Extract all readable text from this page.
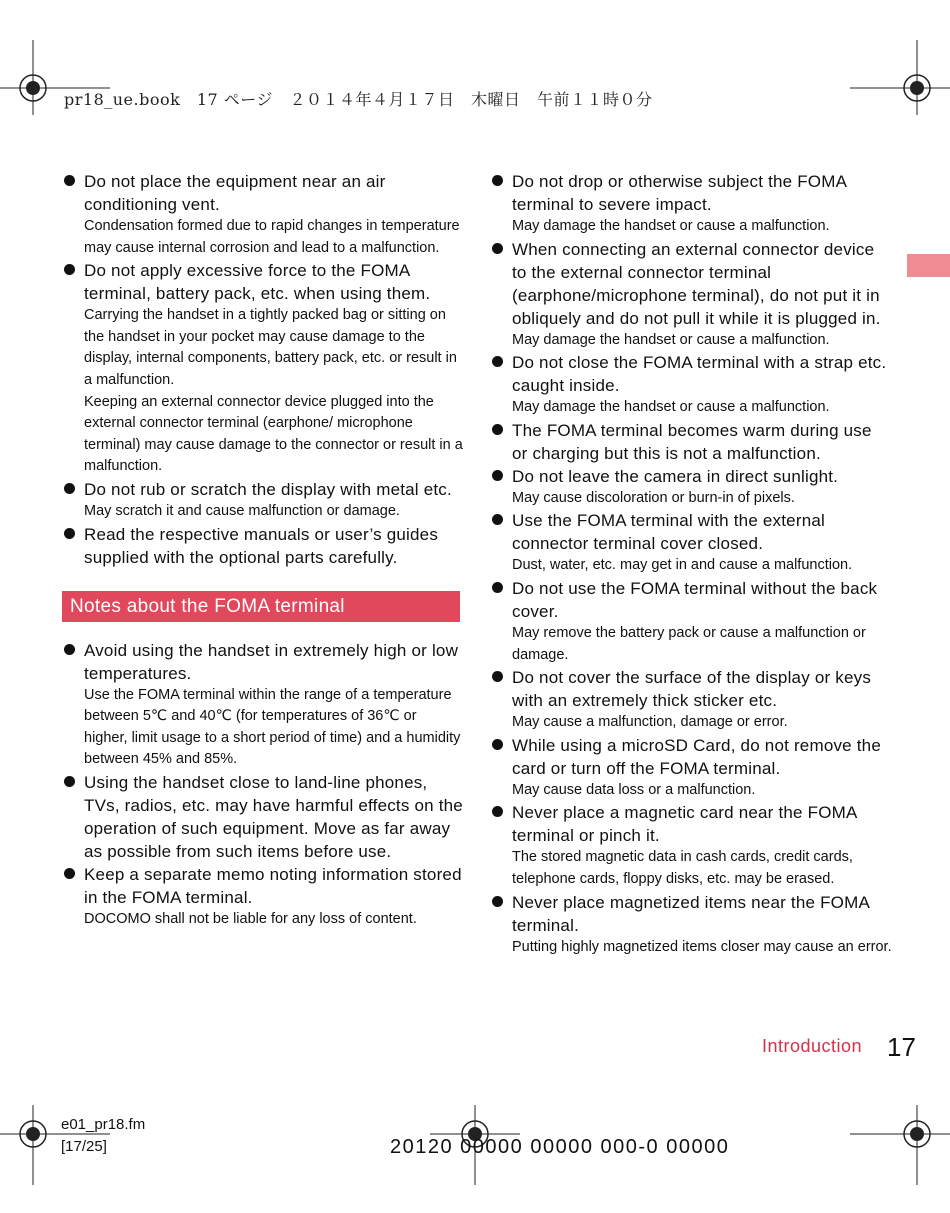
pr18_ue.book　17 ページ　２０１４年４月１７日　木曜日　午前１１時０分
Do not place the equipment near an air conditioning vent.
Condensation formed due to rapid changes in temperature may cause internal corrosion and lead to a malfunction.
Do not apply excessive force to the FOMA terminal, battery pack, etc. when using them.
Carrying the handset in a tightly packed bag or sitting on the handset in your pocket may cause damage to the display, internal components, battery pack, etc. or result in a malfunction.
Keeping an external connector device plugged into the external connector terminal (earphone/ microphone terminal) may cause damage to the connector or result in a malfunction.
Do not rub or scratch the display with metal etc.
May scratch it and cause malfunction or damage.
Read the respective manuals or user’s guides supplied with the optional parts carefully.
Notes about the FOMA terminal
Avoid using the handset in extremely high or low temperatures.
Use the FOMA terminal within the range of a temperature between 5℃ and 40℃ (for temperatures of 36℃ or higher, limit usage to a short period of time) and a humidity between 45% and 85%.
Using the handset close to land-line phones, TVs, radios, etc. may have harmful effects on the operation of such equipment. Move as far away as possible from such items before use.
Keep a separate memo noting information stored in the FOMA terminal.
DOCOMO shall not be liable for any loss of content.
Do not drop or otherwise subject the FOMA terminal to severe impact.
May damage the handset or cause a malfunction.
When connecting an external connector device to the external connector terminal (earphone/microphone terminal), do not put it in obliquely and do not pull it while it is plugged in.
May damage the handset or cause a malfunction.
Do not close the FOMA terminal with a strap etc. caught inside.
May damage the handset or cause a malfunction.
The FOMA terminal becomes warm during use or charging but this is not a malfunction.
Do not leave the camera in direct sunlight.
May cause discoloration or burn-in of pixels.
Use the FOMA terminal with the external connector terminal cover closed.
Dust, water, etc. may get in and cause a malfunction.
Do not use the FOMA terminal without the back cover.
May remove the battery pack or cause a malfunction or damage.
Do not cover the surface of the display or keys with an extremely thick sticker etc.
May cause a malfunction, damage or error.
While using a microSD Card, do not remove the card or turn off the FOMA terminal.
May cause data loss or a malfunction.
Never place a magnetic card near the FOMA terminal or pinch it.
The stored magnetic data in cash cards, credit cards, telephone cards, floppy disks, etc. may be erased.
Never place magnetized items near the FOMA terminal.
Putting highly magnetized items closer may cause an error.
Introduction 17
e01_pr18.fm
[17/25]	20120 00000 00000 000-0 00000
